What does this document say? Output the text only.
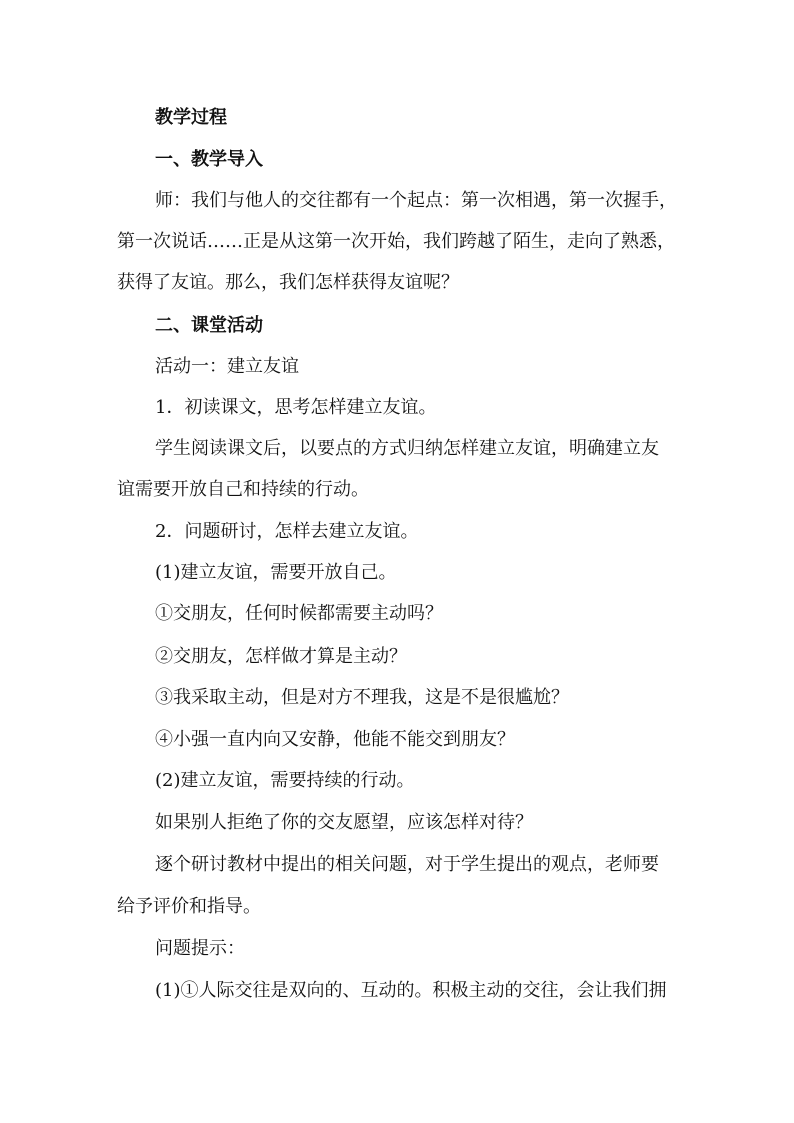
教学过程
一、教学导入
师：我们与他人的交往都有一个起点：第一次相遇，第一次握手，
第一次说话……正是从这第一次开始，我们跨越了陌生，走向了熟悉，
获得了友谊。那么，我们怎样获得友谊呢？
二、课堂活动
活动一：建立友谊
1．初读课文，思考怎样建立友谊。
学生阅读课文后，以要点的方式归纳怎样建立友谊，明确建立友
谊需要开放自己和持续的行动。
2．问题研讨，怎样去建立友谊。
(1)建立友谊，需要开放自己。
①交朋友，任何时候都需要主动吗？
②交朋友，怎样做才算是主动？
③我采取主动，但是对方不理我，这是不是很尴尬？
④小强一直内向又安静，他能不能交到朋友？
(2)建立友谊，需要持续的行动。
如果别人拒绝了你的交友愿望，应该怎样对待？
逐个研讨教材中提出的相关问题，对于学生提出的观点，老师要
给予评价和指导。
问题提示：
(1)①人际交往是双向的、互动的。积极主动的交往，会让我们拥
